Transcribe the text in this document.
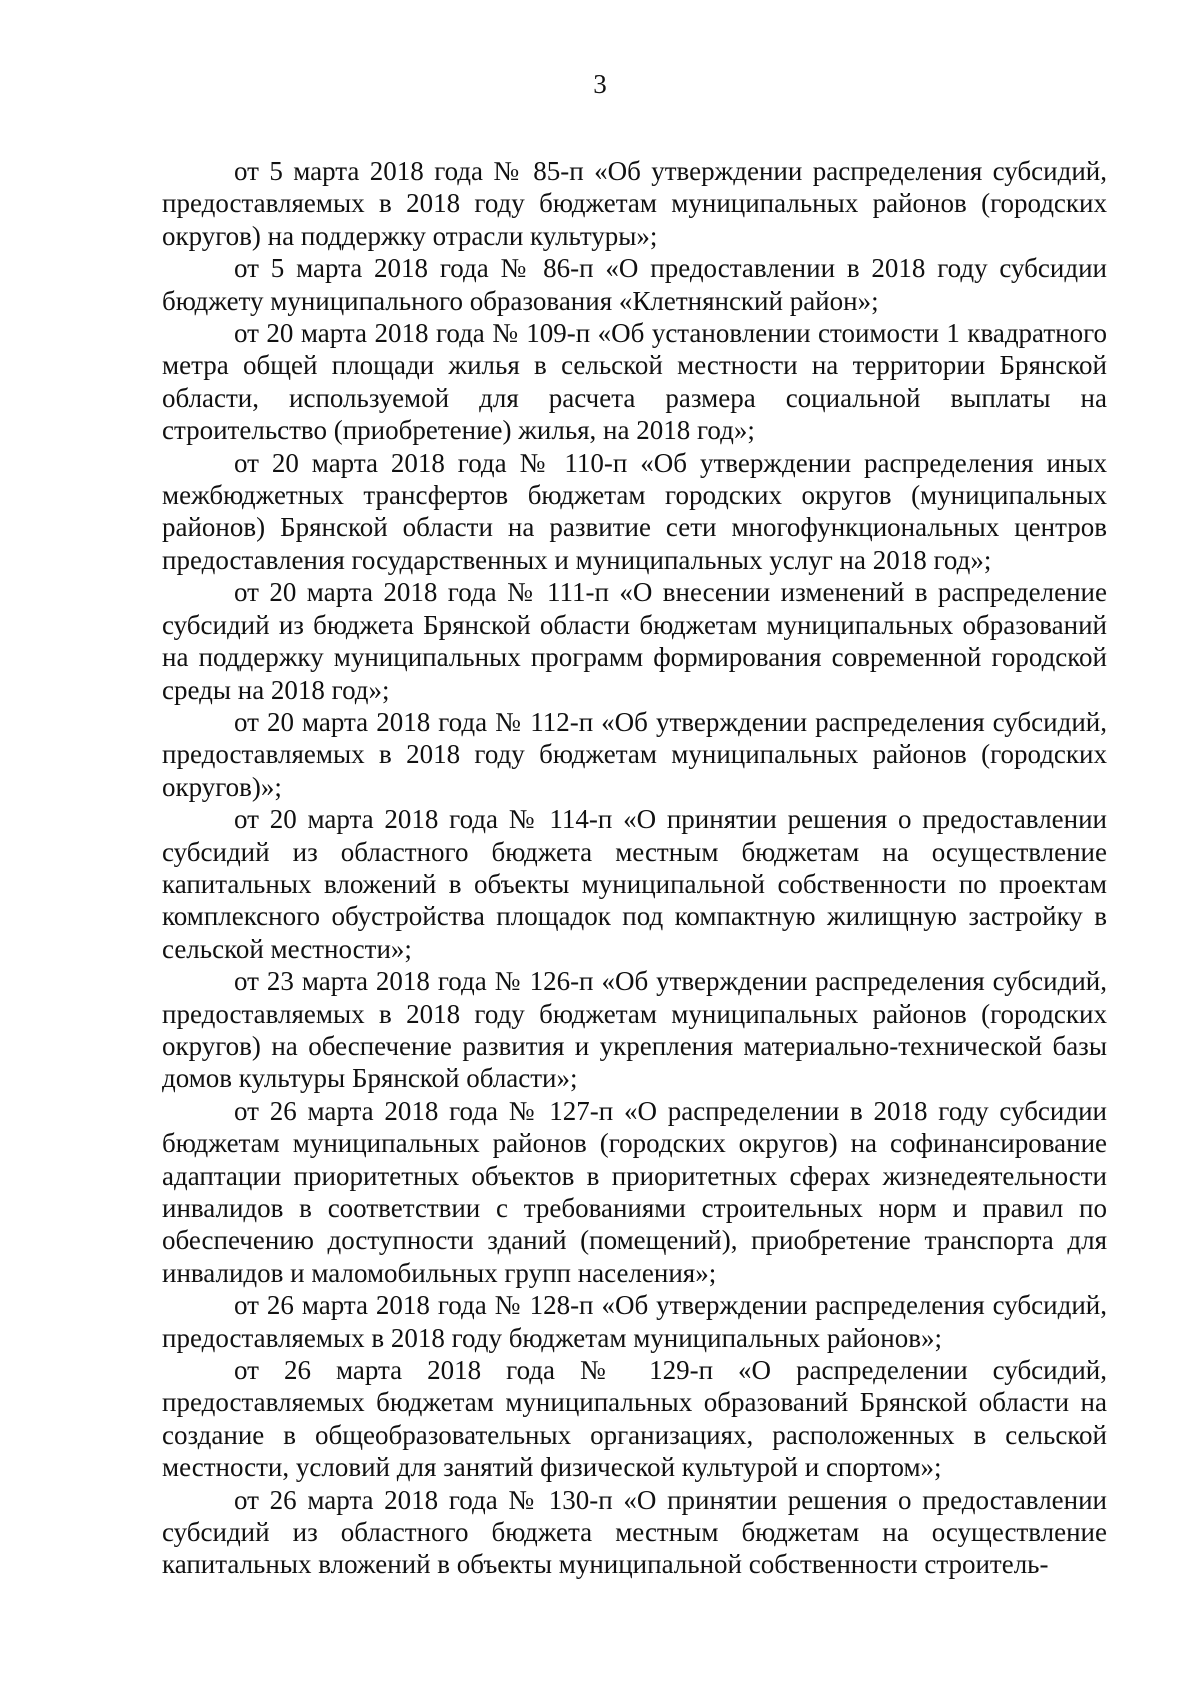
3

от 5 марта 2018 года № 85-п «Об утверждении распределения субсидий, предоставляемых в 2018 году бюджетам муниципальных районов (городских округов) на поддержку отрасли культуры»;

от 5 марта 2018 года № 86-п «О предоставлении в 2018 году субсидии бюджету муниципального образования «Клетнянский район»;

от 20 марта 2018 года № 109-п «Об установлении стоимости 1 квадратного метра общей площади жилья в сельской местности на территории Брянской области, используемой для расчета размера социальной выплаты на строительство (приобретение) жилья, на 2018 год»;

от 20 марта 2018 года № 110-п «Об утверждении распределения иных межбюджетных трансфертов бюджетам городских округов (муниципальных районов) Брянской области на развитие сети многофункциональных центров предоставления государственных и муниципальных услуг на 2018 год»;

от 20 марта 2018 года № 111-п «О внесении изменений в распределение субсидий из бюджета Брянской области бюджетам муниципальных образований на поддержку муниципальных программ формирования современной городской среды на 2018 год»;

от 20 марта 2018 года № 112-п «Об утверждении распределения субсидий, предоставляемых в 2018 году бюджетам муниципальных районов (городских округов)»;

от 20 марта 2018 года № 114-п «О принятии решения о предоставлении субсидий из областного бюджета местным бюджетам на осуществление капитальных вложений в объекты муниципальной собственности по проектам комплексного обустройства площадок под компактную жилищную застройку в сельской местности»;

от 23 марта 2018 года № 126-п «Об утверждении распределения субсидий, предоставляемых в 2018 году бюджетам муниципальных районов (городских округов) на обеспечение развития и укрепления материально-технической базы домов культуры Брянской области»;

от 26 марта 2018 года № 127-п «О распределении в 2018 году субсидии бюджетам муниципальных районов (городских округов) на софинансирование адаптации приоритетных объектов в приоритетных сферах жизнедеятельности инвалидов в соответствии с требованиями строительных норм и правил по обеспечению доступности зданий (помещений), приобретение транспорта для инвалидов и маломобильных групп населения»;

от 26 марта 2018 года № 128-п «Об утверждении распределения субсидий, предоставляемых в 2018 году бюджетам муниципальных районов»;

от 26 марта 2018 года № 129-п «О распределении субсидий, предоставляемых бюджетам муниципальных образований Брянской области на создание в общеобразовательных организациях, расположенных в сельской местности, условий для занятий физической культурой и спортом»;

от 26 марта 2018 года № 130-п «О принятии решения о предоставлении субсидий из областного бюджета местным бюджетам на осуществление капитальных вложений в объекты муниципальной собственности строитель-
